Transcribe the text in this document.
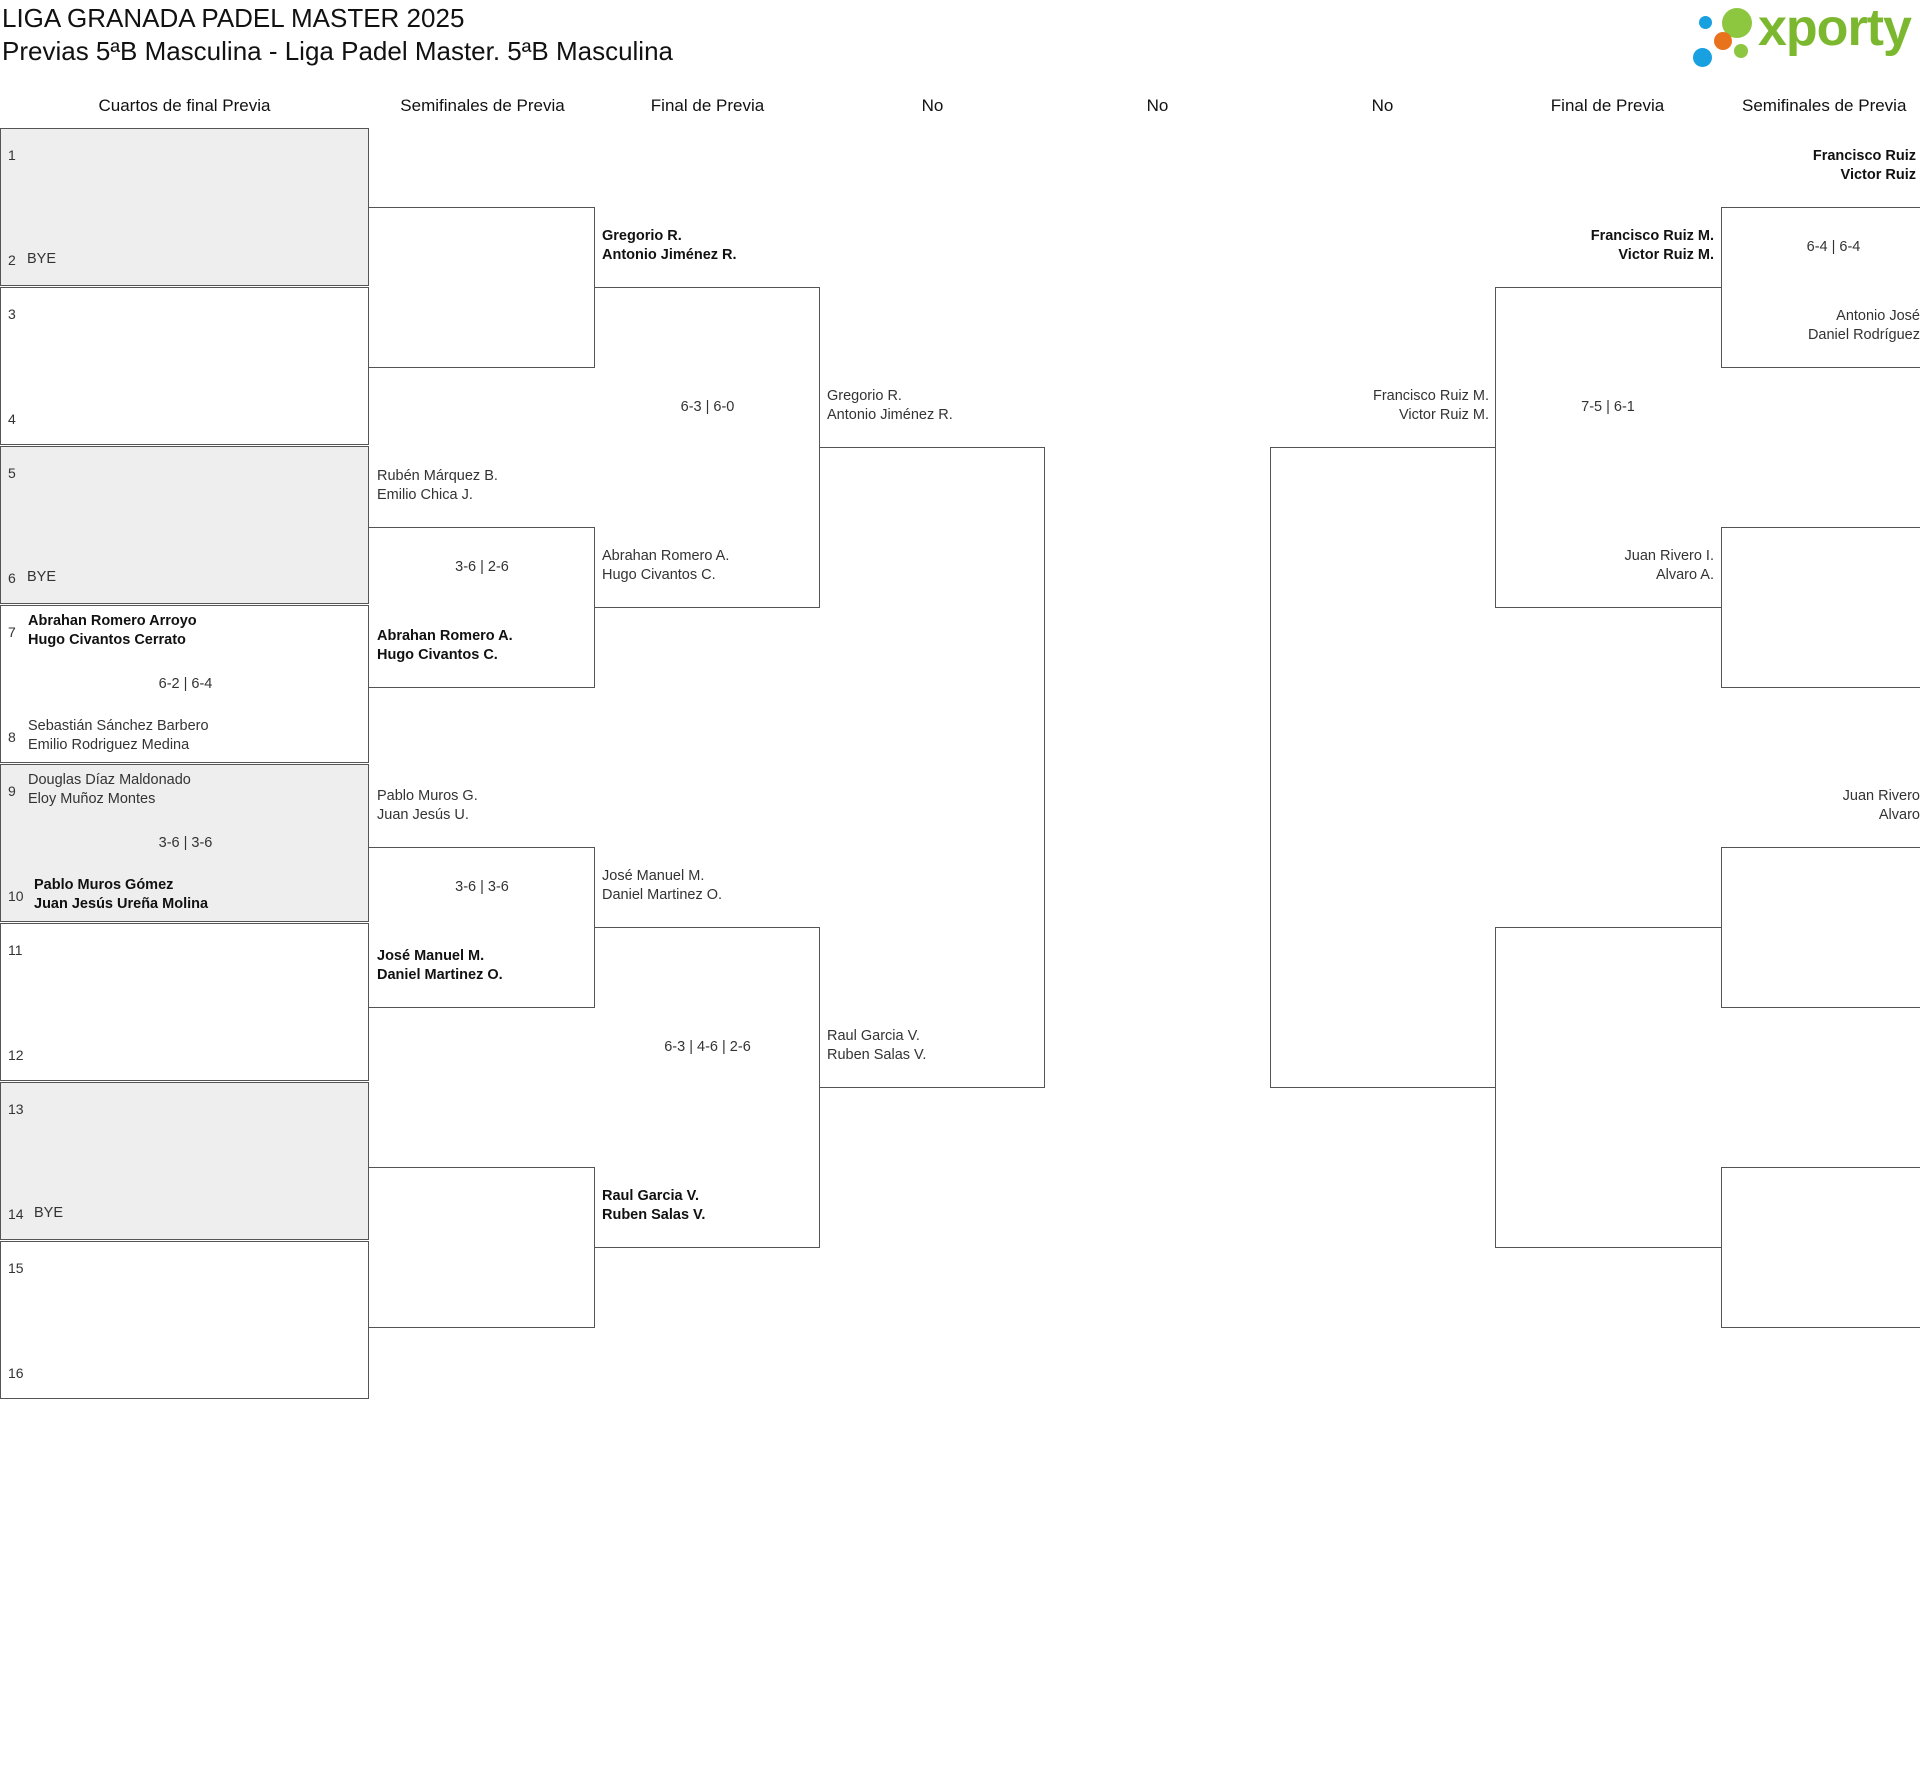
LIGA GRANADA PADEL MASTER 2025
Previas 5ªB Masculina - Liga Padel Master. 5ªB Masculina	xporty
Cuartos de final Previa	Semifinales de Previa	Final de Previa	No	No	No	Final de Previa	Semifinales de Previa
1
2 BYE
3
4
5
6 BYE
7
Abrahan Romero Arroyo
Hugo Civantos Cerrato
6-2 | 6-4
8
Sebastián Sánchez Barbero
Emilio Rodriguez Medina
9
Douglas Díaz Maldonado
Eloy Muñoz Montes
3-6 | 3-6
10
Pablo Muros Gómez
Juan Jesús Ureña Molina
11
12
13
14 BYE
15
16
Rubén Márquez B.
Emilio Chica J.
3-6 | 2-6
Abrahan Romero A.
Hugo Civantos C.
Pablo Muros G.
Juan Jesús U.
3-6 | 3-6
José Manuel M.
Daniel Martinez O.
Gregorio R.
Antonio Jiménez R.
6-3 | 6-0
Abrahan Romero A.
Hugo Civantos C.
José Manuel M.
Daniel Martinez O.
6-3 | 4-6 | 2-6
Raul Garcia V.
Ruben Salas V.
Gregorio R.
Antonio Jiménez R.
Raul Garcia V.
Ruben Salas V.
Francisco Ruiz M.
Victor Ruiz M.
Francisco Ruiz M.
Victor Ruiz M.
7-5 | 6-1
Juan Rivero I.
Alvaro A.
Francisco Ruiz
Victor Ruiz
6-4 | 6-4
Antonio José
Daniel Rodríguez
Juan Rivero
Alvaro
